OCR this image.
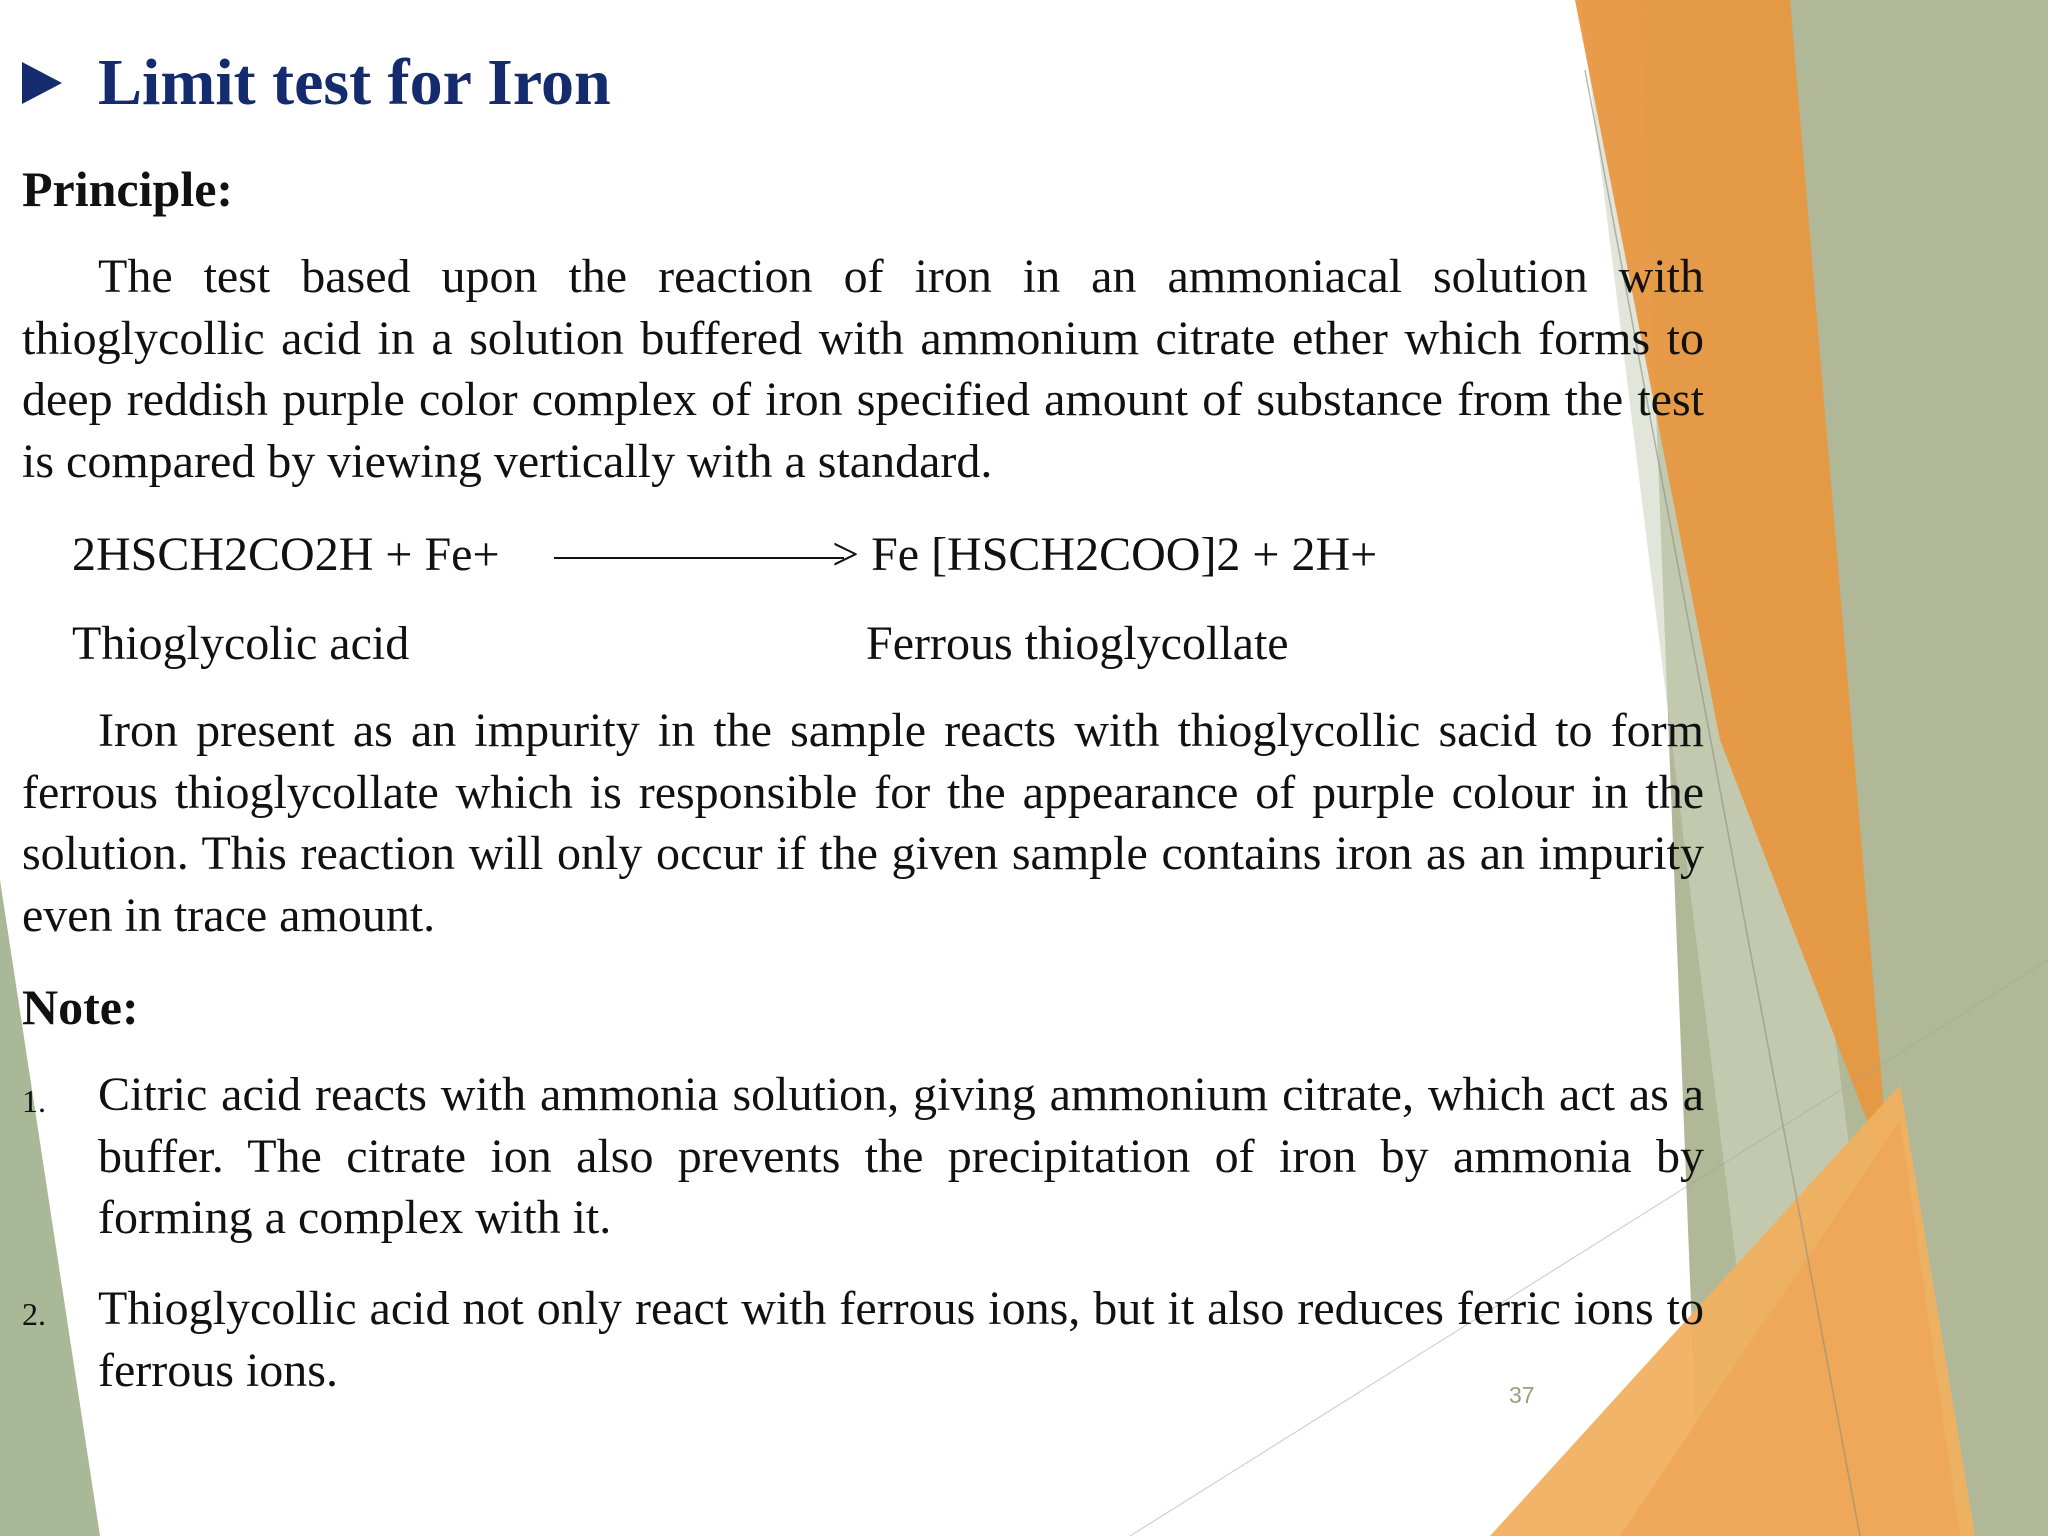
Limit test for Iron
Principle:

The test based upon the reaction of iron in an ammoniacal solution with thioglycollic acid in a solution buffered with ammonium citrate ether which forms to deep reddish purple color complex of iron specified amount of substance from the test is compared by viewing vertically with a standard.

2HSCH2CO2H + Fe+	> Fe [HSCH2COO]2 + 2H+
Thioglycolic acid	Ferrous thioglycollate

Iron present as an impurity in the sample reacts with thioglycollic sacid to form ferrous thioglycollate which is responsible for the appearance of purple colour in the solution. This reaction will only occur if the given sample contains iron as an impurity even in trace amount.

Note:
1. Citric acid reacts with ammonia solution, giving ammonium citrate, which act as a buffer. The citrate ion also prevents the precipitation of iron by ammonia by forming a complex with it.

2. Thioglycollic acid not only react with ferrous ions, but it also reduces ferric ions to ferrous ions.	37
